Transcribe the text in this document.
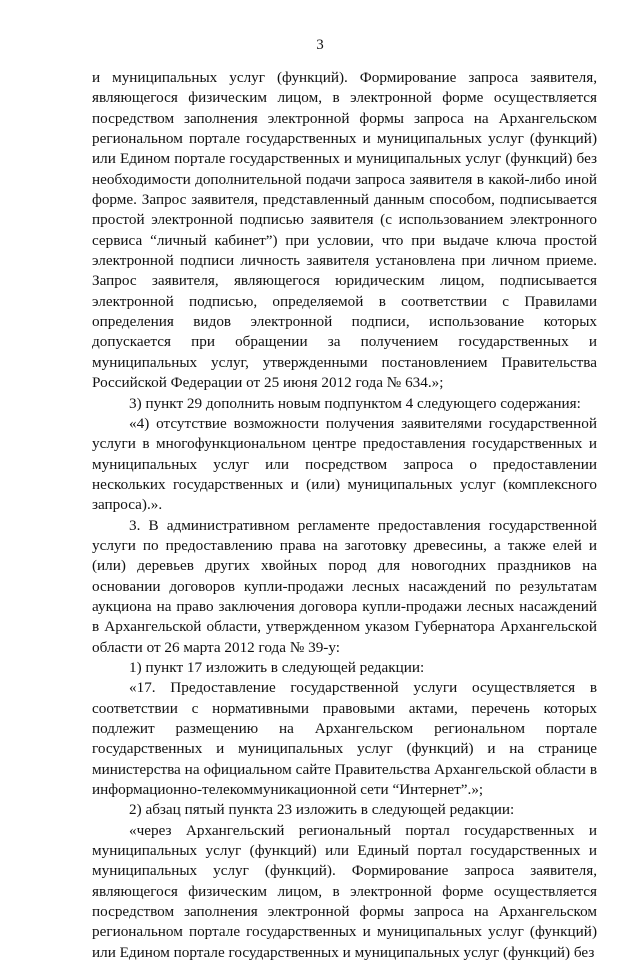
3

и муниципальных услуг (функций). Формирование запроса заявителя, являющегося физическим лицом, в электронной форме осуществляется посредством заполнения электронной формы запроса на Архангельском региональном портале государственных и муниципальных услуг (функций) или Едином портале государственных и муниципальных услуг (функций) без необходимости дополнительной подачи запроса заявителя в какой-либо иной форме. Запрос заявителя, представленный данным способом, подписывается простой электронной подписью заявителя (с использованием электронного сервиса “личный кабинет”) при условии, что при выдаче ключа простой электронной подписи личность заявителя установлена при личном приеме. Запрос заявителя, являющегося юридическим лицом, подписывается электронной подписью, определяемой в соответствии с Правилами определения видов электронной подписи, использование которых допускается при обращении за получением государственных и муниципальных услуг, утвержденными постановлением Правительства Российской Федерации от 25 июня 2012 года № 634.»;

3) пункт 29 дополнить новым подпунктом 4 следующего содержания:

«4) отсутствие возможности получения заявителями государственной услуги в многофункциональном центре предоставления государственных и муниципальных услуг или посредством запроса о предоставлении нескольких государственных и (или) муниципальных услуг (комплексного запроса).».

3. В административном регламенте предоставления государственной услуги по предоставлению права на заготовку древесины, а также елей и (или) деревьев других хвойных пород для новогодних праздников на основании договоров купли-продажи лесных насаждений по результатам аукциона на право заключения договора купли-продажи лесных насаждений в Архангельской области, утвержденном указом Губернатора Архангельской области от 26 марта 2012 года № 39-у:

1) пункт 17 изложить в следующей редакции:

«17. Предоставление государственной услуги осуществляется в соответствии с нормативными правовыми актами, перечень которых подлежит размещению на Архангельском региональном портале государственных и муниципальных услуг (функций) и на странице министерства на официальном сайте Правительства Архангельской области в информационно-телекоммуникационной сети “Интернет”.»;

2) абзац пятый пункта 23 изложить в следующей редакции:

«через Архангельский региональный портал государственных и муниципальных услуг (функций) или Единый портал государственных и муниципальных услуг (функций). Формирование запроса заявителя, являющегося физическим лицом, в электронной форме осуществляется посредством заполнения электронной формы запроса на Архангельском региональном портале государственных и муниципальных услуг (функций) или Едином портале государственных и муниципальных услуг (функций) без
